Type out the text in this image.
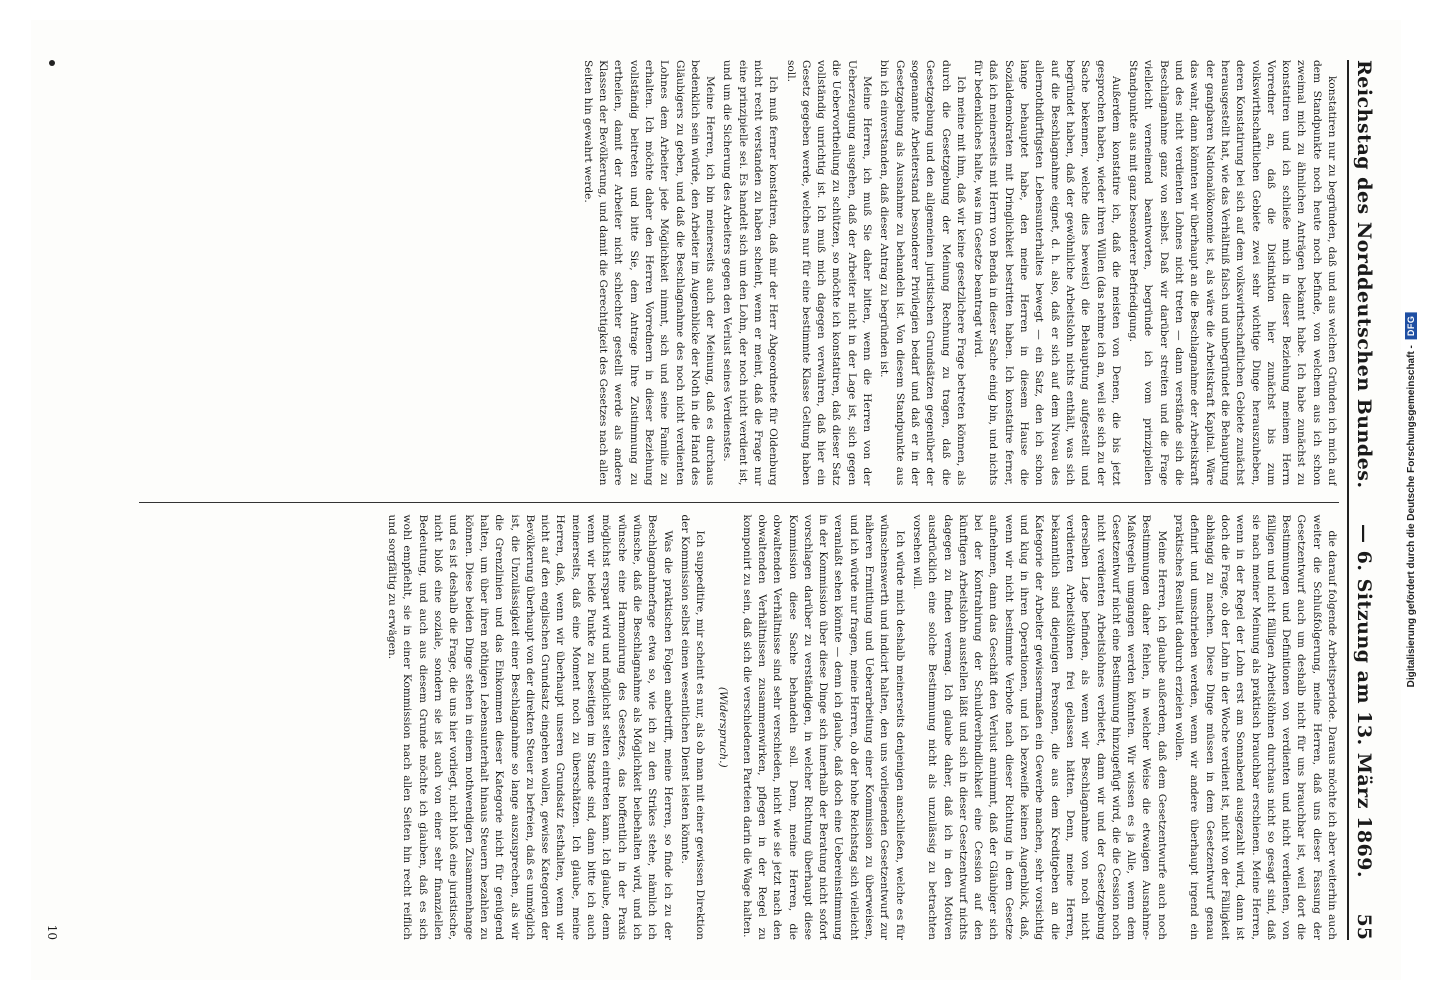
Reichstag des Norddeutschen Bundes.
— 6. Sitzung am 13. März 1869.
55

konstatiren nur zu begründen, daß und aus welchen Gründen ich mich auf dem Standpunkte noch heute noch befinde, von welchem aus ich schon zweimal mich zu ähnlichen Anträgen bekannt habe. Ich habe zunächst zu konstatiren und ich schließe mich in dieser Beziehung meinem Herrn Vorredner an, daß die Distinktion hier zunächst bis zum volkswirthschaftlichen Gebiete zwei sehr wichtige Dinge herauszuheben, deren Konstatirung bei sich auf dem volkswirthschaftlichen Gebiete zunächst herausgestellt hat, wie das Verhältniß falsch und unbegründet die Behauptung der gangbaren Nationalökonomie ist, als wäre die Arbeitskraft Kapital. Wäre das wahr, dann könnten wir überhaupt an die Beschlagnahme der Arbeitskraft und des nicht verdienten Lohnes nicht treten — dann verstände sich die Beschlagnahme ganz von selbst. Daß wir darüber streiten und die Frage vielleicht verneinend beantworten, begründe ich vom prinzipiellen Standpunkte aus mit ganz besonderer Befriedigung.

Außerdem konstatire ich, daß die meisten von Denen, die bis jetzt gesprochen haben, wieder ihren Willen (das nehme ich an, weil sie sich zu der Sache bekennen, welche dies beweist) die Behauptung aufgestellt und begründet haben, daß der gewöhnliche Arbeitslohn nichts enthält, was sich auf die Beschlagnahme eignet, d. h. also, daß er sich auf dem Niveau des allernothdürftigsten Lebensunterhaltes bewegt — ein Satz, den ich schon lange behauptet habe, den meine Herren in diesem Hause die Sozialdemokraten mit Dringlichkeit bestritten haben. Ich konstatire ferner, daß ich meinerseits mit Herrn von Benda in dieser Sache einig bin, und nichts für bedenkliches halte, was im Gesetze beantragt wird.

Ich meine mit ihm, daß wir keine gesetzlichere Frage betreten können, als durch die Gesetzgebung der Meinung Rechnung zu tragen, daß die Gesetzgebung und den allgemeinen juristischen Grundsätzen gegenüber der sogenannte Arbeiterstand besonderer Privilegien bedarf und daß er in der Gesetzgebung als Ausnahme zu behandeln ist. Von diesem Standpunkte aus bin ich einverstanden, daß dieser Antrag zu begründen ist.

Meine Herren, ich muß Sie daher bitten, wenn die Herren von der Ueberzeugung ausgehen, daß der Arbeiter nicht in der Lage ist, sich gegen die Uebervortheilung zu schützen, so möchte ich konstatiren, daß dieser Satz vollständig unrichtig ist. Ich muß mich dagegen verwahren, daß hier ein Gesetz gegeben werde, welches nur für eine bestimmte Klasse Geltung haben soll.

Ich muß ferner konstatiren, daß mir der Herr Abgeordnete für Oldenburg nicht recht verstanden zu haben scheint, wenn er meint, daß die Frage nur eine prinzipielle sei. Es handelt sich um den Lohn, der noch nicht verdient ist, und um die Sicherung des Arbeiters gegen den Verlust seines Verdienstes.

Meine Herren, ich bin meinerseits auch der Meinung, daß es durchaus bedenklich sein würde, den Arbeiter im Augenblicke der Noth in die Hand des Gläubigers zu geben, und daß die Beschlagnahme des noch nicht verdienten Lohnes dem Arbeiter jede Möglichkeit nimmt, sich und seine Familie zu erhalten. Ich möchte daher den Herren Vorrednern in dieser Beziehung vollständig beitreten und bitte Sie, dem Antrage Ihre Zustimmung zu ertheilen, damit der Arbeiter nicht schlechter gestellt werde als andere Klassen der Bevölkerung, und damit die Gerechtigkeit des Gesetzes nach allen Seiten hin gewahrt werde.

die darauf folgende Arbeitsperiode. Daraus möchte ich aber weiterhin auch weiter die Schlußfolgerung, meine Herren, daß uns dieser Fassung der Gesetzentwurf auch um deshalb nicht für uns brauchbar ist, weil dort die Bestimmungen und Definitionen von verdienten und nicht verdienten, von fälligen und nicht fälligen Arbeitslöhnen durchaus nicht so gesagt sind, daß sie nach meiner Meinung als praktisch brauchbar erschienen. Meine Herren, wenn in der Regel der Lohn erst am Sonnabend ausgezahlt wird, dann ist doch die Frage, ob der Lohn in der Woche verdient ist, nicht von der Fälligkeit abhängig zu machen. Diese Dinge müssen in dem Gesetzentwurf genau definirt und umschrieben werden, wenn wir andere überhaupt irgend ein praktisches Resultat dadurch erzielen wollen.

Meine Herren, ich glaube außerdem, daß dem Gesetzentwurfe auch noch Bestimmungen daher fehlen, in welcher Weise die etwaigen Ausnahme-Maßregeln umgangen werden könnten. Wir wissen es ja Alle, wenn dem Gesetzentwurf nicht eine Bestimmung hinzugefügt wird, die die Cession noch nicht verdienten Arbeitslohnes verbietet, dann wir und der Gesetzgebung derselben Lage befinden, als wenn wir Beschlagnahme von noch nicht verdienten Arbeitslöhnen frei gelassen hätten. Denn, meine Herren, bekanntlich sind diejenigen Personen, die aus dem Kreditgeben an die Kategorie der Arbeiter gewissermaßen ein Gewerbe machen, sehr vorsichtig und klug in ihren Operationen, und ich bezweifle keinen Augenblick, daß, wenn wir nicht bestimmte Verbote nach dieser Richtung in dem Gesetze aufnehmen, dann das Geschäft den Verlust annimmt, daß der Gläubiger sich bei der Kontrahirung der Schuldverbindlichkeit eine Cession auf den künftigen Arbeitslohn ausstellen läßt und sich in dieser Gesetzentwurf nichts dagegen zu finden vermag. Ich glaube daher, daß ich in den Motiven ausdrücklich eine solche Bestimmung nicht als unzulässig zu betrachten vorsehen will.

Ich würde mich deshalb meinerseits denjenigen anschließen, welche es für wünschenswerth und indicirt halten, den uns vorliegenden Gesetzentwurf zur näheren Ermittlung und Ueberarbeitung einer Kommission zu überweisen, und ich würde nur fragen, meine Herren, ob der hohe Reichstag sich vielleicht veranlaßt sehen könnte — denn ich glaube, daß doch eine Uebereinstimmung in der Kommission über diese Dinge sich innerhalb der Beratung nicht sofort vorschlagen darüber zu verständigen, in welcher Richtung überhaupt diese Kommission diese Sache behandeln soll. Denn, meine Herren, die obwaltenden Verhältnisse sind sehr verschieden, nicht wie sie jetzt nach den obwaltenden Verhältnissen zusammenwirken, pflegen in der Regel zu komponirt zu sein, daß sich die verschiedenen Parteien darin die Wage halten.

(Widerspruch.)

Ich suppeditire, mir scheint es nur, als ob man mit einer gewissen Direktion der Kommission selbst einen wesentlichen Dienst leisten könnte.

Was die praktischen Folgen anbetrifft, meine Herren, so finde ich zu der Beschlagnahmefrage etwa so, wie ich zu den Strikes stehe, nämlich ich wünsche, daß die Beschlagnahme als Möglichkeit beibehalten wird, und ich wünsche eine Harmonirung des Gesetzes, das hoffentlich in der Praxis möglichst erspart wird und möglichst selten eintreten kann. Ich glaube, denn wenn wir beide Punkte zu beseitigen im Stande sind, dann bitte ich auch meinerseits, daß eine Moment noch zu überschätzen. Ich glaube, meine Herren, daß, wenn wir überhaupt unseren Grundsatz festhalten, wenn wir nicht auf den englischen Grundsatz eingehen wollen, gewisse Kategorien der Bevölkerung überhaupt von der direkten Steuer zu befreien, daß es unmöglich ist, die Unzulässigkeit einer Beschlagnahme so lange auszusprechen, als wir die Grenzlinien und das Einkommen dieser Kategorie nicht für genügend halten, um über ihren nöthigen Lebensunterhalt hinaus Steuern bezahlen zu können. Diese beiden Dinge stehen in einem nothwendigen Zusammenhange und es ist deshalb die Frage, die uns hier vorliegt, nicht bloß eine juristische, nicht bloß eine soziale, sondern sie ist auch von einer sehr finanziellen Bedeutung, und auch aus diesem Grunde möchte ich glauben, daß es sich wohl empfiehlt, sie in einer Kommission nach allen Seiten hin recht reiflich und sorgfältig zu erwägen.

10
Digitalisierung gefördert durch die Deutsche Forschungsgemeinschaft -
DFG
